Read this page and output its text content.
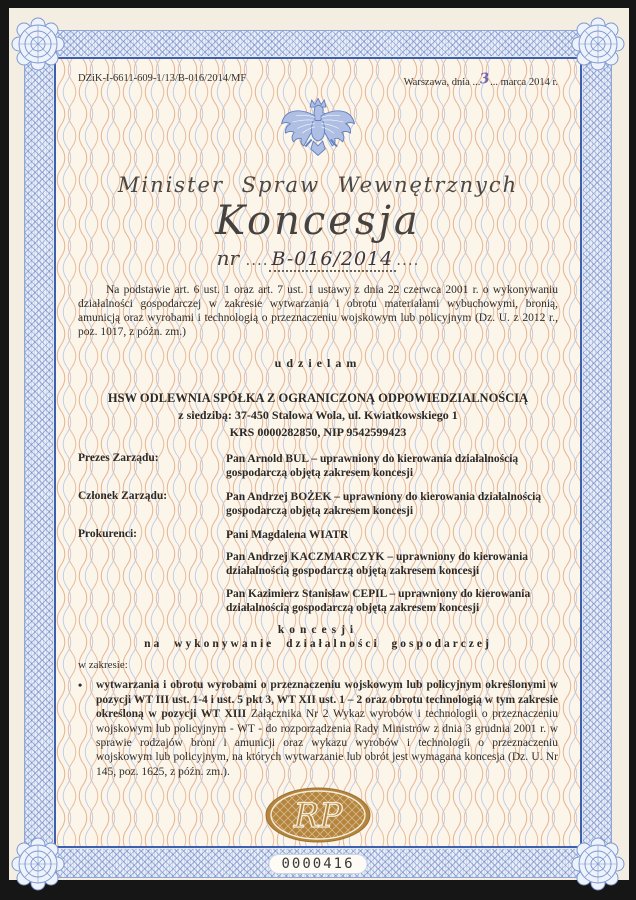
0000416
DZiK-I-6611-609-1/13/B-016/2014/MF	Warszawa, dnia ...3... marca 2014 r.
Minister Spraw Wewnętrznych
Koncesja
nr .... B-016/2014 ....

Na podstawie art. 6 ust. 1 oraz art. 7 ust. 1 ustawy z dnia 22 czerwca 2001 r. o wykonywaniu działalności gospodarczej w zakresie wytwarzania i obrotu materiałami wybuchowymi, bronią, amunicją oraz wyrobami i technologią o przeznaczeniu wojskowym lub policyjnym (Dz. U. z 2012 r., poz. 1017, z późn. zm.)

udzielam
HSW ODLEWNIA SPÓŁKA Z OGRANICZONĄ ODPOWIEDZIALNOŚCIĄ
z siedzibą: 37-450 Stalowa Wola, ul. Kwiatkowskiego 1
KRS 0000282850, NIP 9542599423
Prezes Zarządu:	Pan Arnold BUL – uprawniony do kierowania działalnością gospodarczą objętą zakresem koncesji

Członek Zarządu:	Pan Andrzej BOŻEK – uprawniony do kierowania działalnością gospodarczą objętą zakresem koncesji

Prokurenci:	Pani Magdalena WIATR

Pan Andrzej KACZMARCZYK – uprawniony do kierowania działalnością gospodarczą objętą zakresem koncesji

Pan Kazimierz Stanisław CEPIL – uprawniony do kierowania działalnością gospodarczą objętą zakresem koncesji

koncesji
na wykonywanie działalności gospodarczej
w zakresie:
•	wytwarzania i obrotu wyrobami o przeznaczeniu wojskowym lub policyjnym określonymi w pozycji WT III ust. 1-4 i ust. 5 pkt 3, WT XII ust. 1 – 2 oraz obrotu technologią w tym zakresie określoną w pozycji WT XIII Załącznika Nr 2 Wykaz wyrobów i technologii o przeznaczeniu wojskowym lub policyjnym - WT - do rozporządzenia Rady Ministrów z dnia 3 grudnia 2001 r. w sprawie rodzajów broni i amunicji oraz wykazu wyrobów i technologii o przeznaczeniu wojskowym lub policyjnym, na których wytwarzanie lub obrót jest wymagana koncesja (Dz. U. Nr 145, poz. 1625, z późn. zm.).
RP
